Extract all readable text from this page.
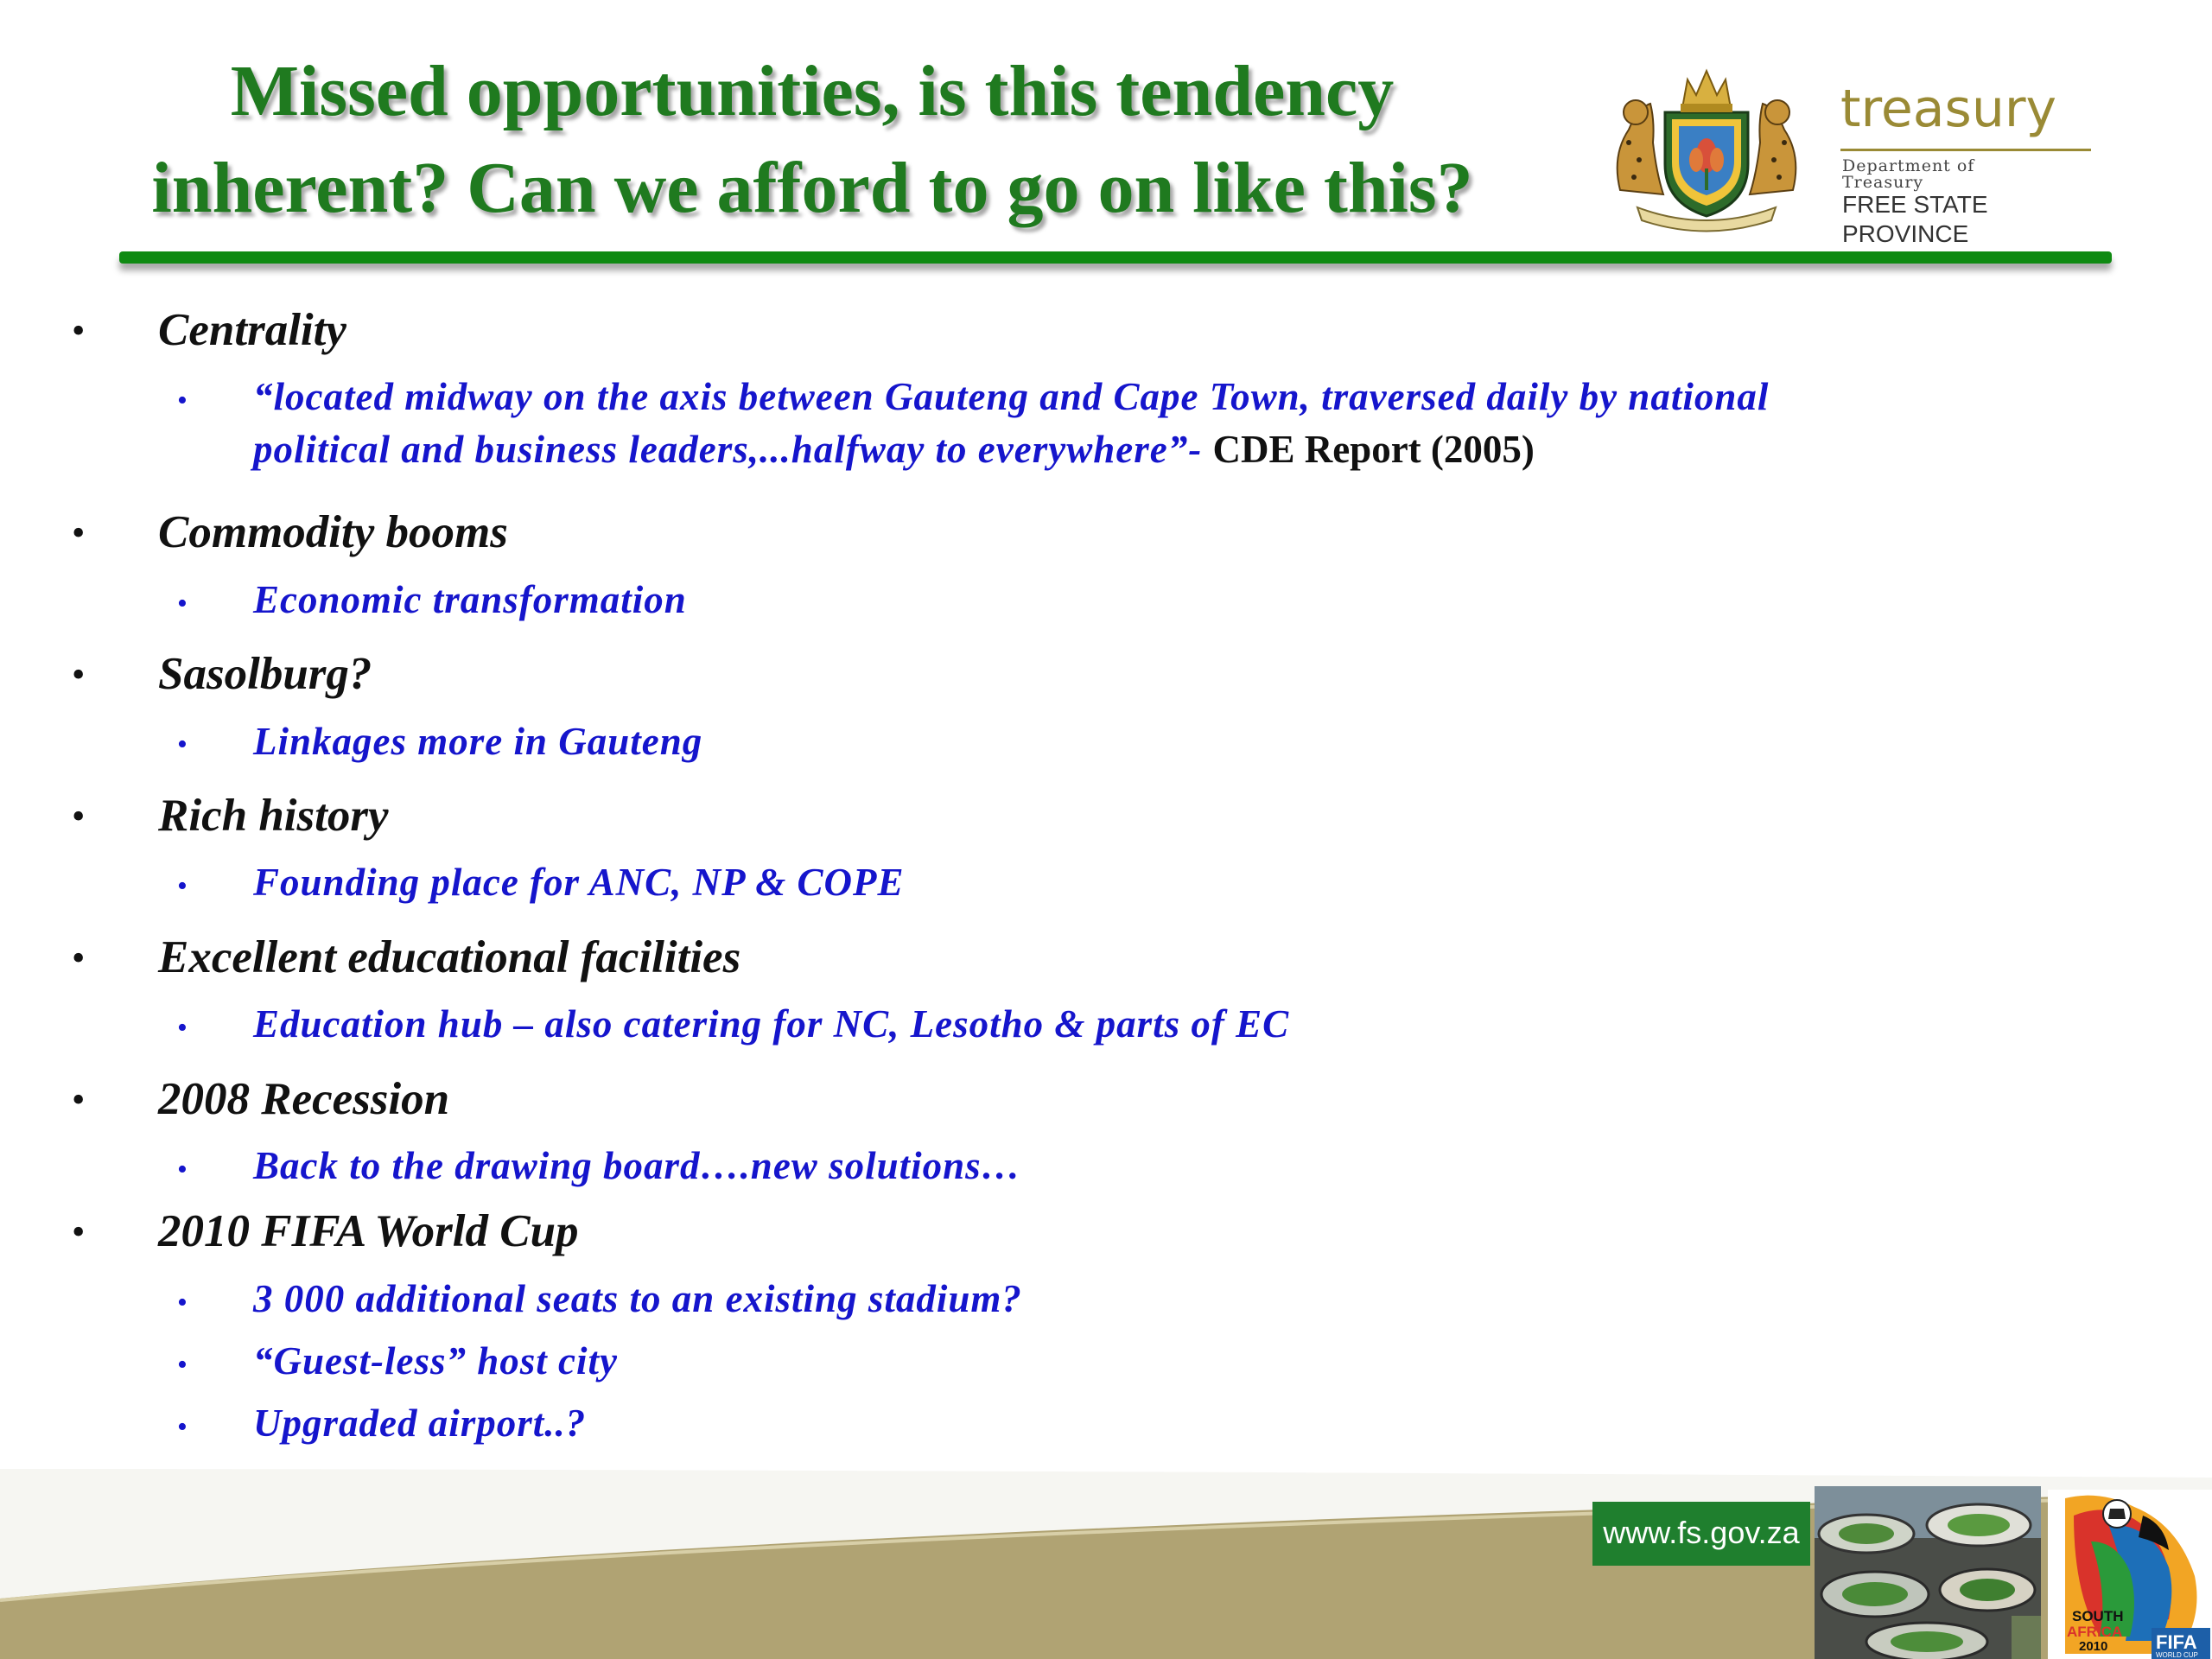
Missed opportunities, is this tendency
inherent? Can we afford to go on like this?
treasury
Department of
Treasury
FREE STATE PROVINCE
• Centrality
• “located midway on the axis between Gauteng and Cape Town, traversed daily by national
political and business leaders,...halfway to everywhere”- CDE Report (2005)
• Commodity booms
• Economic transformation
• Sasolburg?
• Linkages more in Gauteng
• Rich history
• Founding place for ANC, NP & COPE
• Excellent educational facilities
• Education hub – also catering for NC, Lesotho & parts of EC
• 2008 Recession
• Back to the drawing board….new solutions…
• 2010 FIFA World Cup
• 3 000 additional seats to an existing stadium?
• “Guest-less” host city
• Upgraded airport..?
www.fs.gov.za
SOUTH
AFRICA
2010	FIFA
WORLD CUP
